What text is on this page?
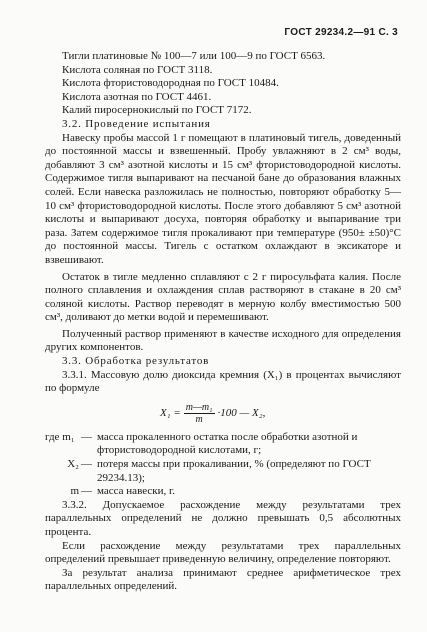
ГОСТ 29234.2—91 С. 3
Тигли платиновые № 100—7 или 100—9 по ГОСТ 6563.
Кислота соляная по ГОСТ 3118.
Кислота фтористоводородная по ГОСТ 10484.
Кислота азотная по ГОСТ 4461.
Калий пиросернокислый по ГОСТ 7172.
3.2. Проведение испытания

Навеску пробы массой 1 г помещают в платиновый тигель, доведенный до постоянной массы и взвешенный. Пробу увлажняют в 2 см³ воды, добавляют 3 см³ азотной кислоты и 15 см³ фтористоводородной кислоты. Содержимое тигля выпаривают на песчаной бане до образования влажных солей. Если навеска разложилась не полностью, повторяют обработку 5—10 см³ фтористоводородной кислоты. После этого добавляют 5 см³ азотной кислоты и выпаривают досуха, повторяя обработку и выпаривание три раза. Затем содержимое тигля прокаливают при температуре (950± ±50)°С до постоянной массы. Тигель с остатком охлаждают в эксикаторе и взвешивают.

Остаток в тигле медленно сплавляют с 2 г пиросульфата калия. После полного сплавления и охлаждения сплав растворяют в стакане в 20 см³ соляной кислоты. Раствор переводят в мерную колбу вместимостью 500 см³, доливают до метки водой и перемешивают.

Полученный раствор применяют в качестве исходного для определения других компонентов.

3.3. Обработка результатов

3.3.1. Массовую долю диоксида кремния (X₁) в процентах вычисляют по формуле

$X_1 = \frac{\text{m—m₁}}{m} \cdot 100$ — X₂,
где m₁ — масса прокаленного остатка после обработки азотной и фтористоводородной кислотами, г;
X₂ — потеря массы при прокаливании, % (определяют по ГОСТ 29234.13);
m — масса навески, г.

3.3.2. Допускаемое расхождение между результатами трех параллельных определений не должно превышать 0,5 абсолютных процента.

Если расхождение между результатами трех параллельных определений превышает приведенную величину, определение повторяют.

За результат анализа принимают среднее арифметическое трех параллельных определений.
